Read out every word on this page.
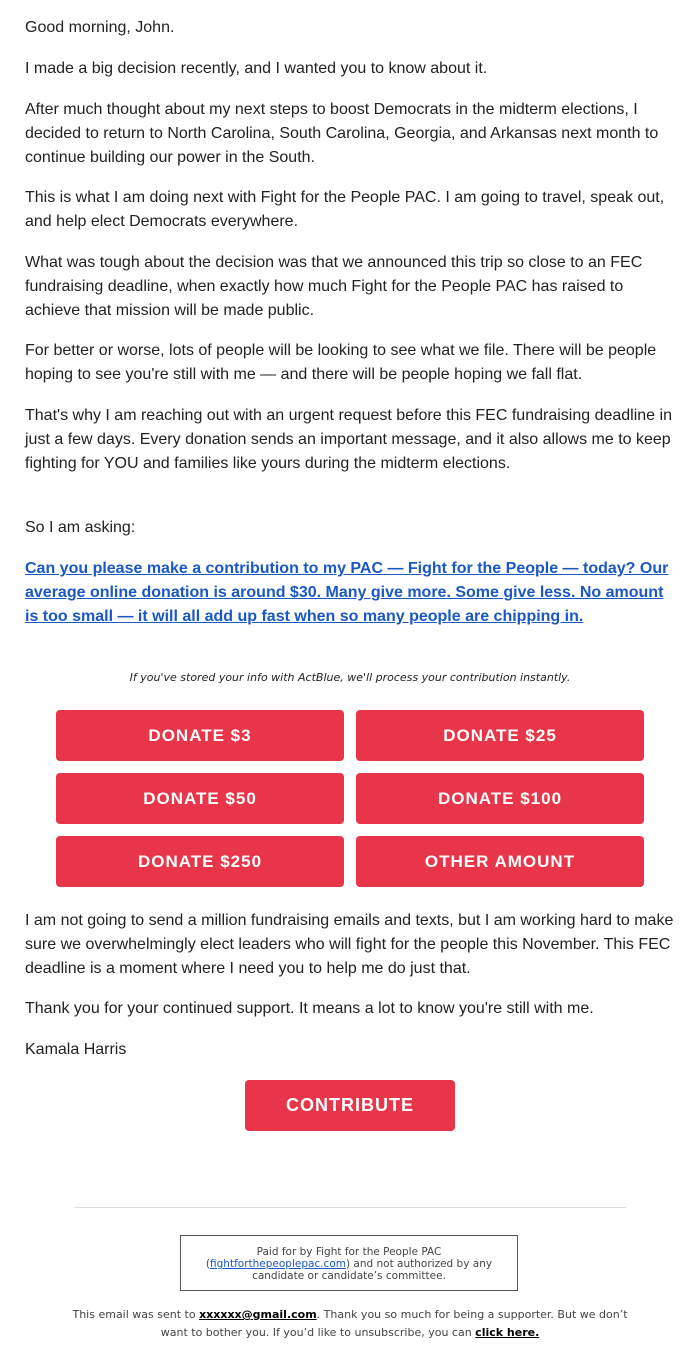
Good morning, John.

I made a big decision recently, and I wanted you to know about it.

After much thought about my next steps to boost Democrats in the midterm elections, I decided to return to North Carolina, South Carolina, Georgia, and Arkansas next month to continue building our power in the South.

This is what I am doing next with Fight for the People PAC. I am going to travel, speak out, and help elect Democrats everywhere.

What was tough about the decision was that we announced this trip so close to an FEC fundraising deadline, when exactly how much Fight for the People PAC has raised to achieve that mission will be made public.

For better or worse, lots of people will be looking to see what we file. There will be people hoping to see you're still with me — and there will be people hoping we fall flat.

That's why I am reaching out with an urgent request before this FEC fundraising deadline in just a few days. Every donation sends an important message, and it also allows me to keep fighting for YOU and families like yours during the midterm elections.

So I am asking:

Can you please make a contribution to my PAC — Fight for the People — today? Our average online donation is around $30. Many give more. Some give less. No amount is too small — it will all add up fast when so many people are chipping in.

If you've stored your info with ActBlue, we'll process your contribution instantly.

I am not going to send a million fundraising emails and texts, but I am working hard to make sure we overwhelmingly elect leaders who will fight for the people this November. This FEC deadline is a moment where I need you to help me do just that.

Thank you for your continued support. It means a lot to know you're still with me.

Kamala Harris

DONATE $3	DONATE $25
DONATE $50	DONATE $100
DONATE $250	OTHER AMOUNT
CONTRIBUTE
Paid for by Fight for the People PAC
(fightforthepeoplepac.com) and not authorized by any candidate or candidate’s committee.
This email was sent to xxxxxx@gmail.com. Thank you so much for being a supporter. But we don’t want to bother you. If you’d like to unsubscribe, you can click here.
